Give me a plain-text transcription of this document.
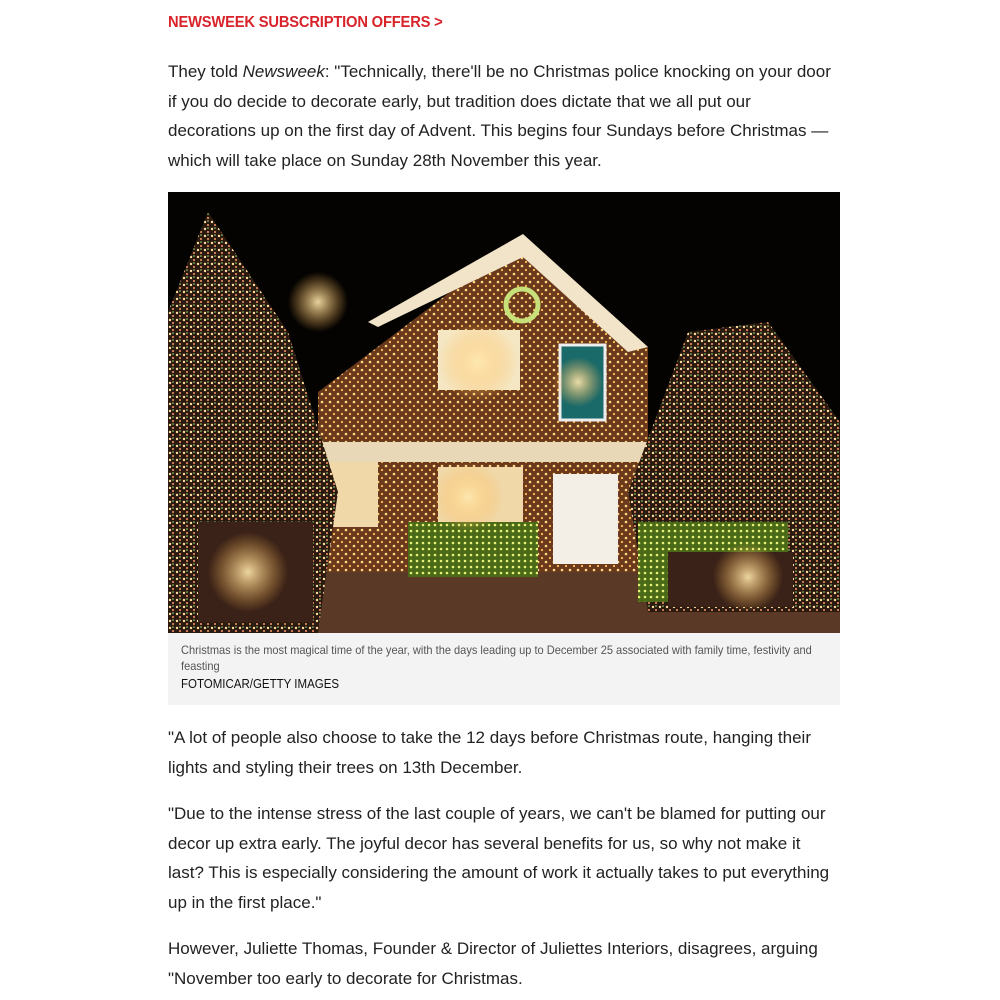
NEWSWEEK SUBSCRIPTION OFFERS >

They told Newsweek: "Technically, there'll be no Christmas police knocking on your door if you do decide to decorate early, but tradition does dictate that we all put our decorations up on the first day of Advent. This begins four Sundays before Christmas — which will take place on Sunday 28th November this year.

Christmas is the most magical time of the year, with the days leading up to December 25 associated with family time, festivity and feasting
FOTOMICAR/GETTY IMAGES

"A lot of people also choose to take the 12 days before Christmas route, hanging their lights and styling their trees on 13th December.

"Due to the intense stress of the last couple of years, we can't be blamed for putting our decor up extra early. The joyful decor has several benefits for us, so why not make it last? This is especially considering the amount of work it actually takes to put everything up in the first place."

However, Juliette Thomas, Founder & Director of Juliettes Interiors, disagrees, arguing "November too early to decorate for Christmas.
